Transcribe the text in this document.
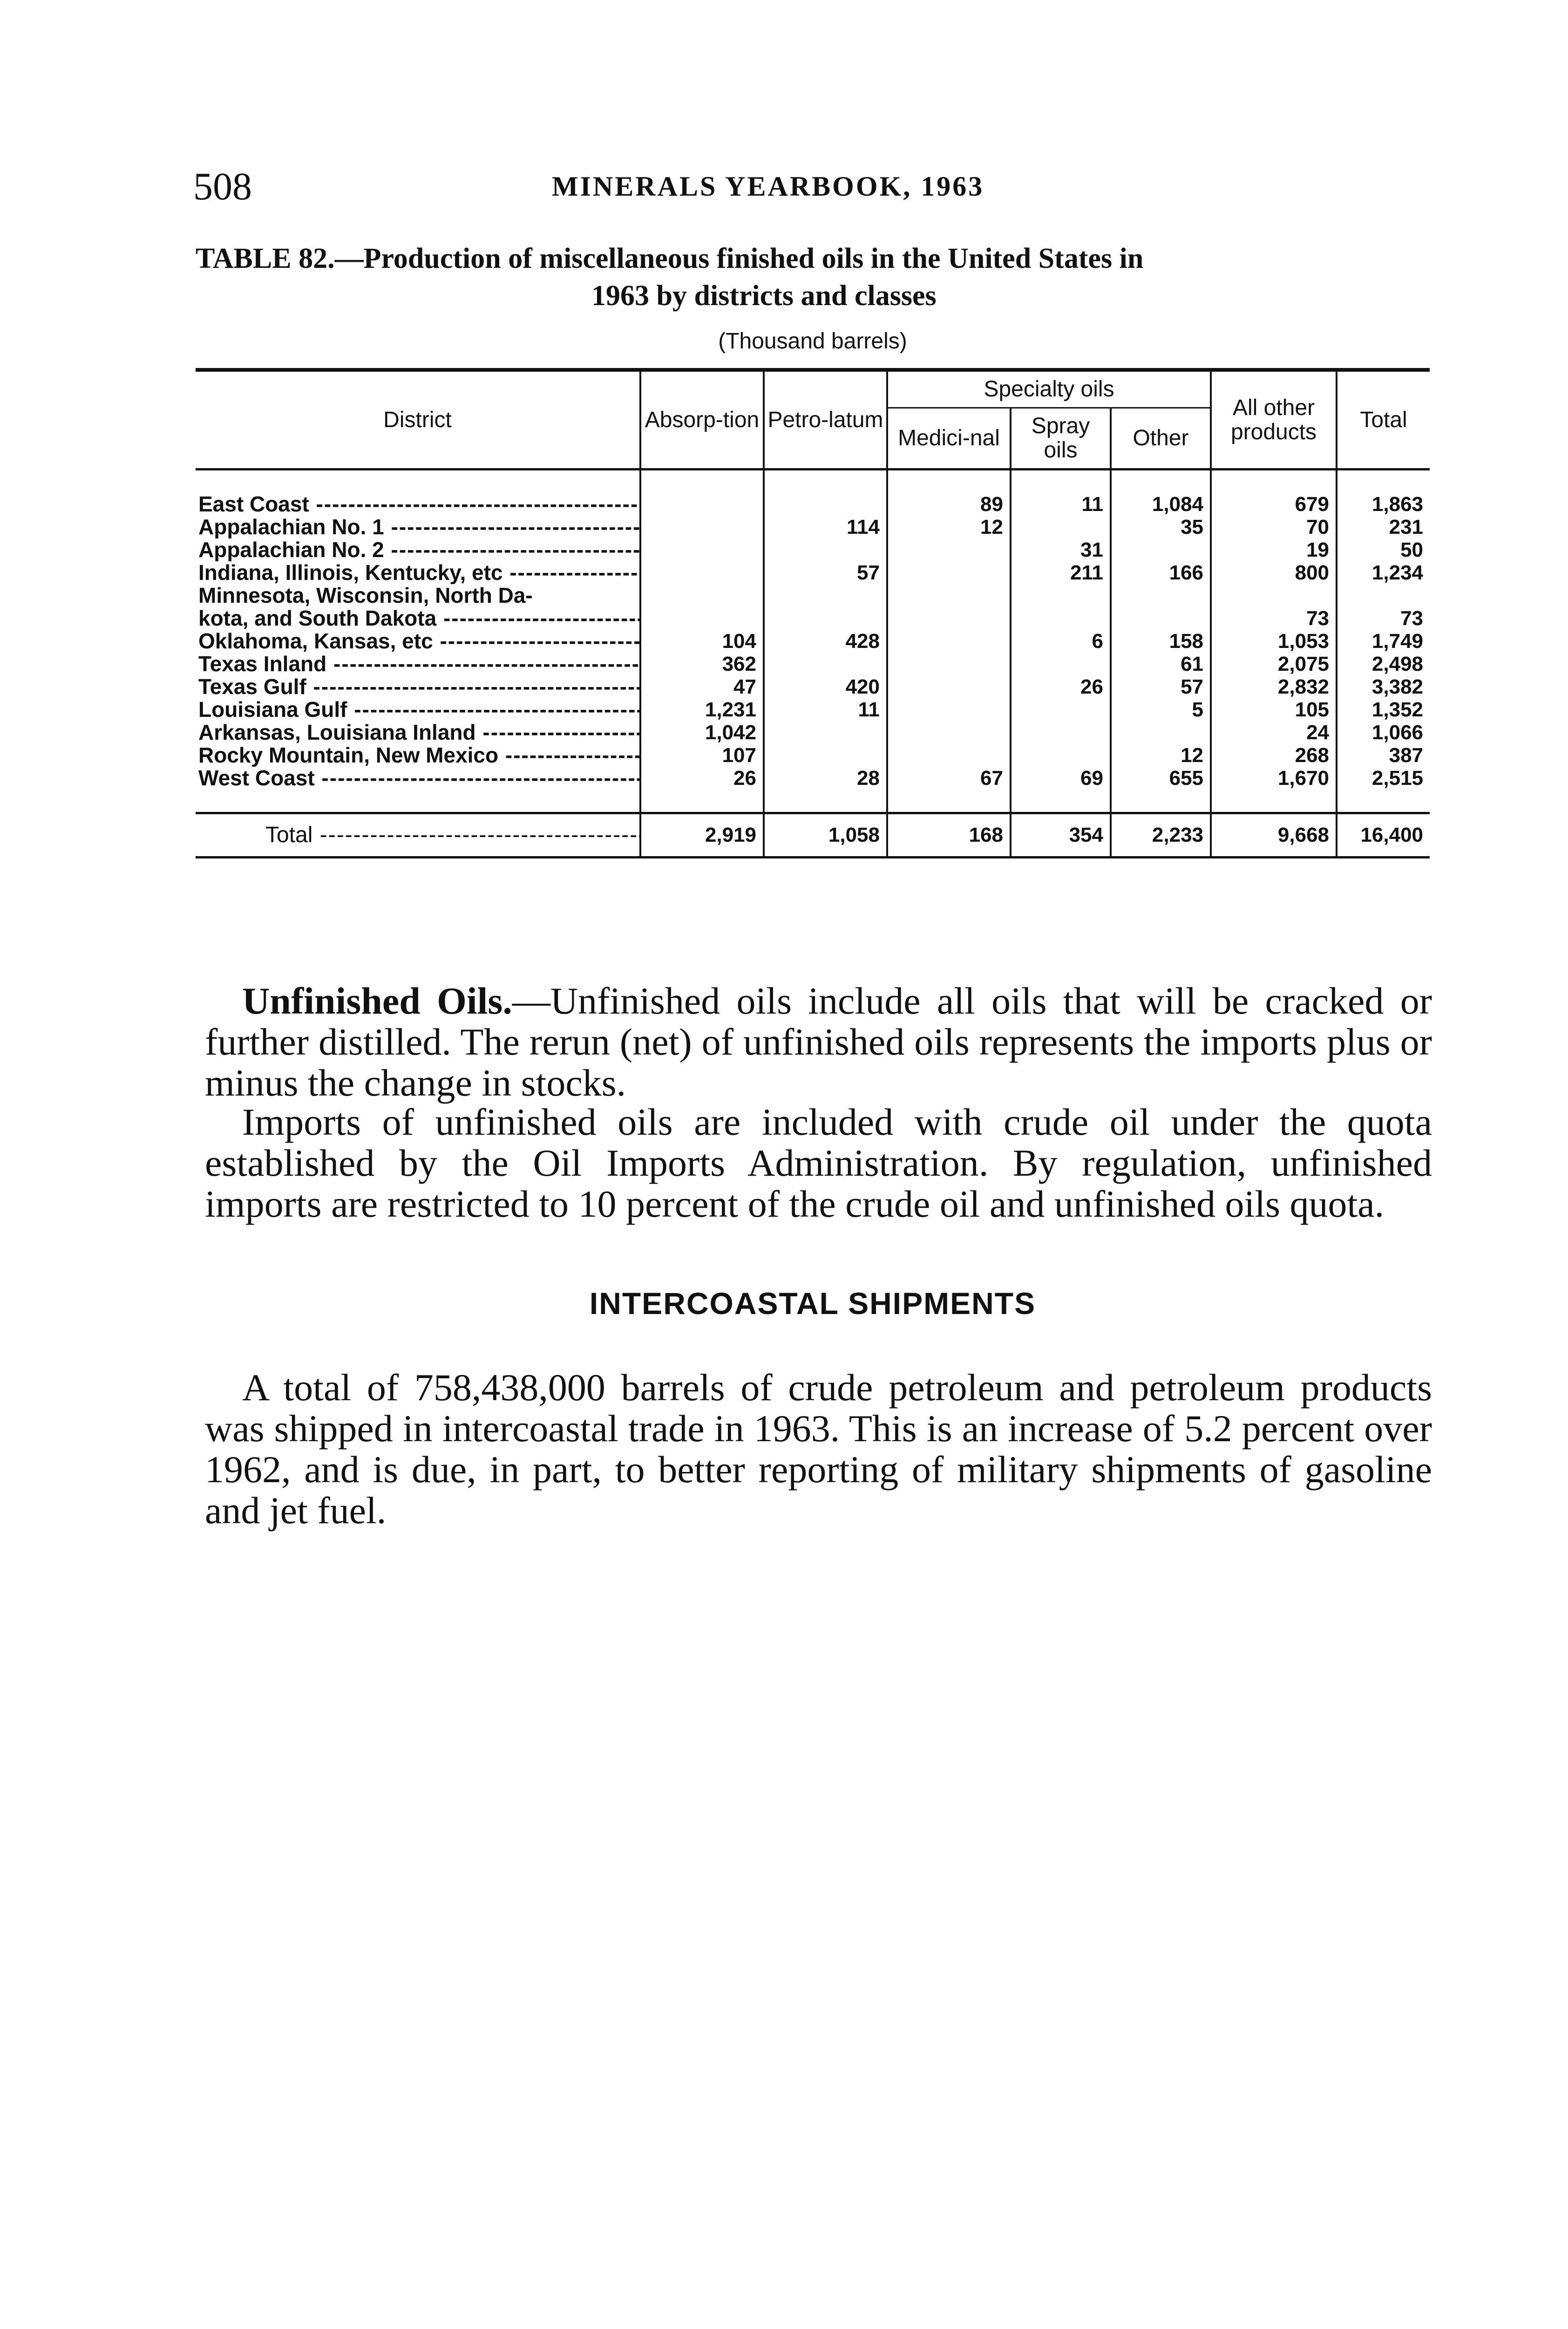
508	MINERALS YEARBOOK, 1963
TABLE 82.—Production of miscellaneous finished oils in the United States in
1963 by districts and classes
(Thousand barrels)
District	Absorp-tion	Petro-latum	Specialty oils			All other products	Total
			Medici-nal	Spray oils	Other		

East Coast -----			89	11	1,084	679	1,863
Appalachian No. 1 -----		114	12		35	70	231
Appalachian No. 2 -----				31		19	50
Indiana, Illinois, Kentucky, etc -----		57		211	166	800	1,234
Minnesota, Wisconsin, North Da-							
kota, and South Dakota -----						73	73
Oklahoma, Kansas, etc -----	104	428		6	158	1,053	1,749
Texas Inland -----	362				61	2,075	2,498
Texas Gulf -----	47	420		26	57	2,832	3,382
Louisiana Gulf -----	1,231	11			5	105	1,352
Arkansas, Louisiana Inland -----	1,042					24	1,066
Rocky Mountain, New Mexico -----	107				12	268	387
West Coast -----	26	28	67	69	655	1,670	2,515

Total -----	2,919	1,058	168	354	2,233	9,668	16,400
Unfinished Oils.—Unfinished oils include all oils that will be cracked or further distilled. The rerun (net) of unfinished oils represents the imports plus or minus the change in stocks.
Imports of unfinished oils are included with crude oil under the quota established by the Oil Imports Administration. By regulation, unfinished imports are restricted to 10 percent of the crude oil and unfinished oils quota.
INTERCOASTAL SHIPMENTS
A total of 758,438,000 barrels of crude petroleum and petroleum products was shipped in intercoastal trade in 1963. This is an increase of 5.2 percent over 1962, and is due, in part, to better reporting of military shipments of gasoline and jet fuel.
